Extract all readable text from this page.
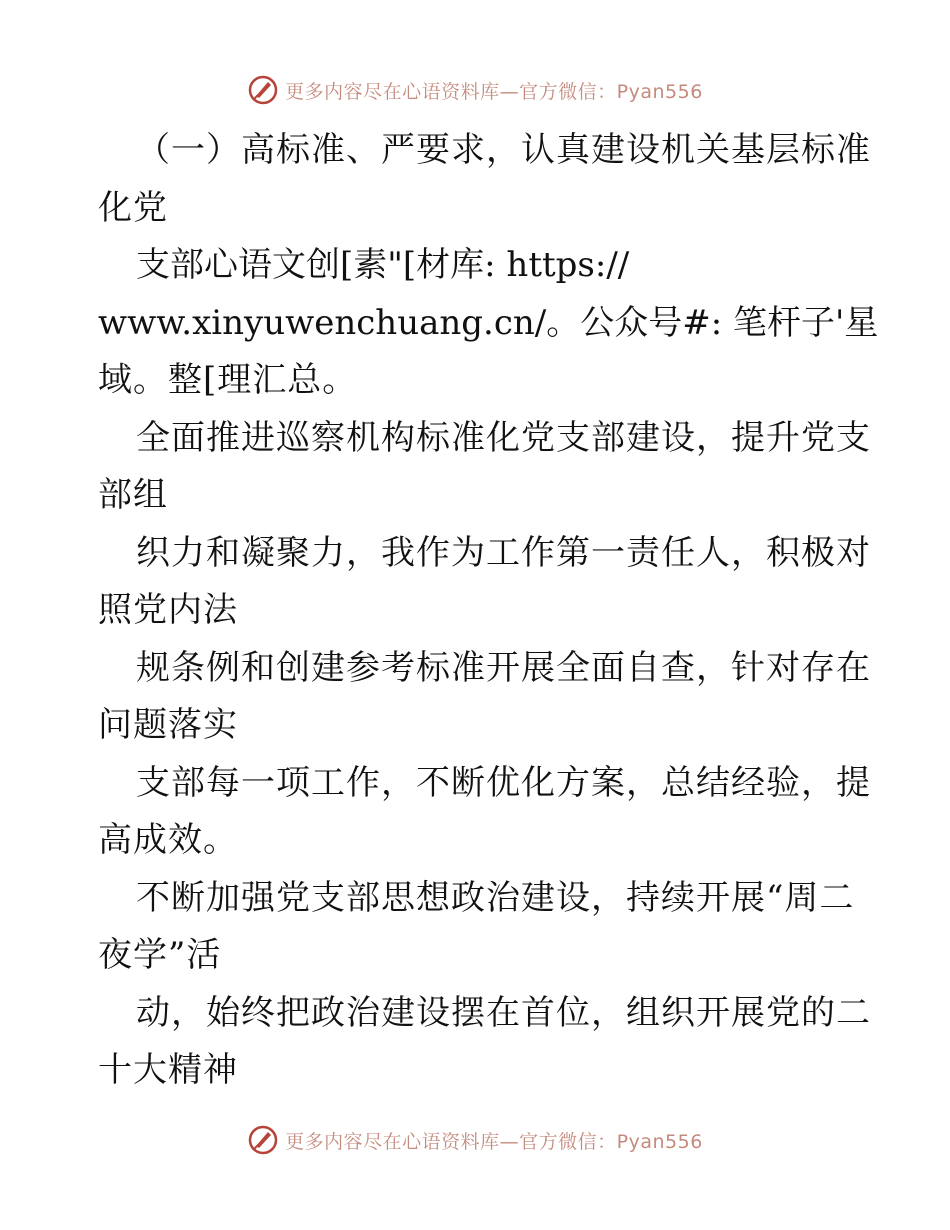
更多内容尽在心语资料库—官方微信：Pyan556
（一）高标准、严要求，认真建设机关基层标准
化党
支部心语文创[素"[材库: https://
www.xinyuwenchuang.cn/。公众号#: 笔杆子'星
域。整[理汇总。
全面推进巡察机构标准化党支部建设，提升党支
部组
织力和凝聚力，我作为工作第一责任人，积极对
照党内法
规条例和创建参考标准开展全面自查，针对存在
问题落实
支部每一项工作，不断优化方案，总结经验，提
高成效。
不断加强党支部思想政治建设，持续开展“周二
夜学”活
动，始终把政治建设摆在首位，组织开展党的二
十大精神
更多内容尽在心语资料库—官方微信：Pyan556
